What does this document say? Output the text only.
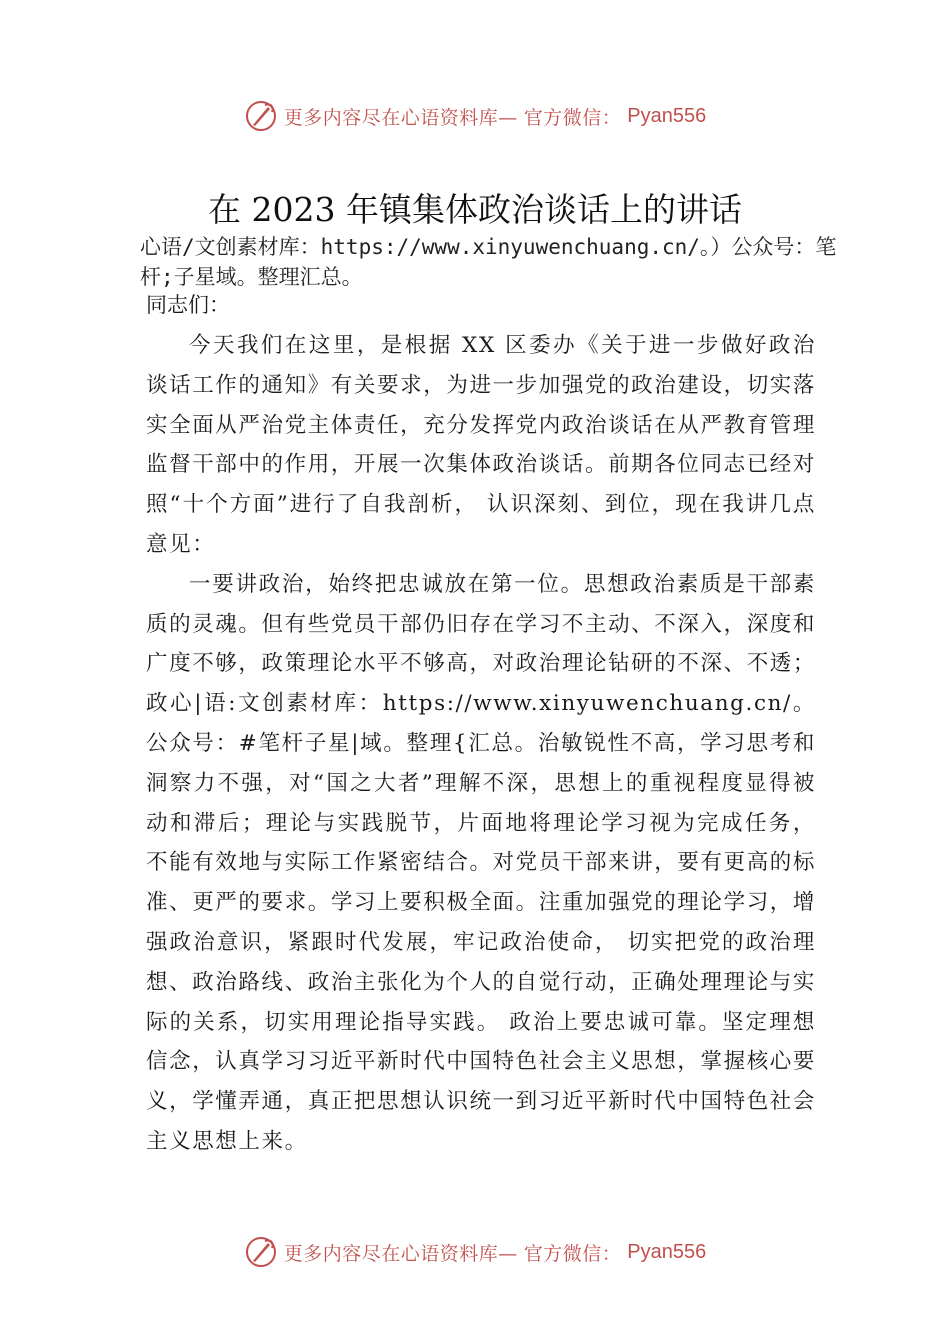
更多内容尽在心语资料库— 官方微信： Pyan556
在 2023 年镇集体政治谈话上的讲话
心语/文创素材库：https://www.xinyuwenchuang.cn/。）公众号：笔杆;子星域。整理汇总。
同志们：

今天我们在这里，是根据 XX 区委办《关于进一步做好政治谈话工作的通知》有关要求，为进一步加强党的政治建设，切实落实全面从严治党主体责任，充分发挥党内政治谈话在从严教育管理监督干部中的作用，开展一次集体政治谈话。前期各位同志已经对照“十个方面”进行了自我剖析， 认识深刻、到位，现在我讲几点意见：

一要讲政治，始终把忠诚放在第一位。思想政治素质是干部素质的灵魂。但有些党员干部仍旧存在学习不主动、不深入，深度和广度不够，政策理论水平不够高，对政治理论钻研的不深、不透；政心|语:文创素材库：https://www.xinyuwenchuang.cn/。公众号：#笔杆子星|域。整理{汇总。治敏锐性不高，学习思考和洞察力不强，对“国之大者”理解不深，思想上的重视程度显得被动和滞后；理论与实践脱节，片面地将理论学习视为完成任务， 不能有效地与实际工作紧密结合。对党员干部来讲，要有更高的标准、更严的要求。学习上要积极全面。注重加强党的理论学习，增强政治意识，紧跟时代发展，牢记政治使命， 切实把党的政治理想、政治路线、政治主张化为个人的自觉行动，正确处理理论与实际的关系，切实用理论指导实践。 政治上要忠诚可靠。坚定理想信念，认真学习习近平新时代中国特色社会主义思想，掌握核心要义，学懂弄通，真正把思想认识统一到习近平新时代中国特色社会主义思想上来。

更多内容尽在心语资料库— 官方微信： Pyan556
